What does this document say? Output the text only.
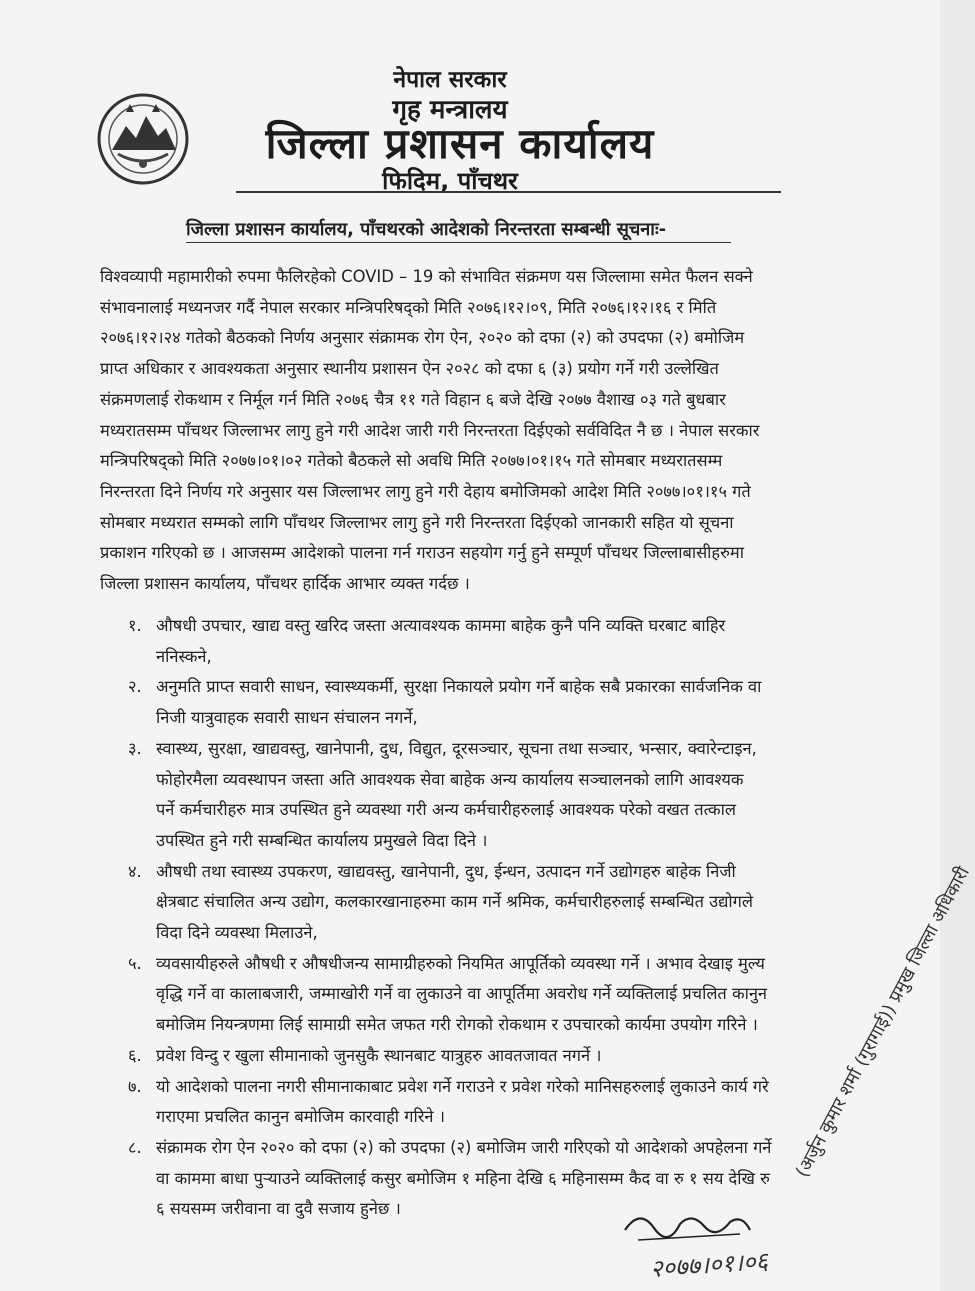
नेपाल सरकार
गृह मन्त्रालय
जिल्ला प्रशासन कार्यालय
फिदिम, पाँचथर
जिल्ला प्रशासन कार्यालय, पाँचथरको आदेशको निरन्तरता सम्बन्धी सूचनाः-
विश्वव्यापी महामारीको रुपमा फैलिरहेको COVID – 19 को संभावित संक्रमण यस जिल्लामा समेत फैलन सक्ने
संभावनालाई मध्यनजर गर्दै नेपाल सरकार मन्त्रिपरिषद्को मिति २०७६।१२।०९, मिति २०७६।१२।१६ र मिति
२०७६।१२।२४ गतेको बैठकको निर्णय अनुसार संक्रामक रोग ऐन, २०२० को दफा (२) को उपदफा (२) बमोजिम
प्राप्त अधिकार र आवश्यकता अनुसार स्थानीय प्रशासन ऐन २०२८ को दफा ६ (३) प्रयोग गर्ने गरी उल्लेखित
संक्रमणलाई रोकथाम र निर्मूल गर्न मिति २०७६ चैत्र ११ गते विहान ६ बजे देखि २०७७ वैशाख ०३ गते बुधबार
मध्यरातसम्म पाँचथर जिल्लाभर लागु हुने गरी आदेश जारी गरी निरन्तरता दिईएको सर्वविदित नै छ । नेपाल सरकार
मन्त्रिपरिषद्को मिति २०७७।०१।०२ गतेको बैठकले सो अवधि मिति २०७७।०१।१५ गते सोमबार मध्यरातसम्म
निरन्तरता दिने निर्णय गरे अनुसार यस जिल्लाभर लागु हुने गरी देहाय बमोजिमको आदेश मिति २०७७।०१।१५ गते
सोमबार मध्यरात सम्मको लागि पाँचथर जिल्लाभर लागु हुने गरी निरन्तरता दिईएको जानकारी सहित यो सूचना
प्रकाशन गरिएको छ । आजसम्म आदेशको पालना गर्न गराउन सहयोग गर्नु हुने सम्पूर्ण पाँचथर जिल्लाबासीहरुमा
जिल्ला प्रशासन कार्यालय, पाँचथर हार्दिक आभार व्यक्त गर्दछ ।
१. औषधी उपचार, खाद्य वस्तु खरिद जस्ता अत्यावश्यक काममा बाहेक कुनै पनि व्यक्ति घरबाट बाहिर
ननिस्कने,
२. अनुमति प्राप्त सवारी साधन, स्वास्थ्यकर्मी, सुरक्षा निकायले प्रयोग गर्ने बाहेक सबै प्रकारका सार्वजनिक वा
निजी यात्रुवाहक सवारी साधन संचालन नगर्ने,
३. स्वास्थ्य, सुरक्षा, खाद्यवस्तु, खानेपानी, दुध, विद्युत, दूरसञ्चार, सूचना तथा सञ्चार, भन्सार, क्वारेन्टाइन,
फोहोरमैला व्यवस्थापन जस्ता अति आवश्यक सेवा बाहेक अन्य कार्यालय सञ्चालनको लागि आवश्यक
पर्ने कर्मचारीहरु मात्र उपस्थित हुने व्यवस्था गरी अन्य कर्मचारीहरुलाई आवश्यक परेको वखत तत्काल
उपस्थित हुने गरी सम्बन्धित कार्यालय प्रमुखले विदा दिने ।
४. औषधी तथा स्वास्थ्य उपकरण, खाद्यवस्तु, खानेपानी, दुध, ईन्धन, उत्पादन गर्ने उद्योगहरु बाहेक निजी
क्षेत्रबाट संचालित अन्य उद्योग, कलकारखानाहरुमा काम गर्ने श्रमिक, कर्मचारीहरुलाई सम्बन्धित उद्योगले
विदा दिने व्यवस्था मिलाउने,
५. व्यवसायीहरुले औषधी र औषधीजन्य सामाग्रीहरुको नियमित आपूर्तिको व्यवस्था गर्ने । अभाव देखाइ मुल्य
वृद्धि गर्ने वा कालाबजारी, जम्माखोरी गर्ने वा लुकाउने वा आपूर्तिमा अवरोध गर्ने व्यक्तिलाई प्रचलित कानुन
बमोजिम नियन्त्रणमा लिई सामाग्री समेत जफत गरी रोगको रोकथाम र उपचारको कार्यमा उपयोग गरिने ।
६. प्रवेश विन्दु र खुला सीमानाको जुनसुकै स्थानबाट यात्रुहरु आवतजावत नगर्ने ।
७. यो आदेशको पालना नगरी सीमानाकाबाट प्रवेश गर्ने गराउने र प्रवेश गरेको मानिसहरुलाई लुकाउने कार्य गरे
गराएमा प्रचलित कानुन बमोजिम कारवाही गरिने ।
८. संक्रामक रोग ऐन २०२० को दफा (२) को उपदफा (२) बमोजिम जारी गरिएको यो आदेशको अपहेलना गर्ने
वा काममा बाधा पुर्‍याउने व्यक्तिलाई कसुर बमोजिम १ महिना देखि ६ महिनासम्म कैद वा रु १ सय देखि रु
६ सयसम्म जरीवाना वा दुवै सजाय हुनेछ ।
२०७७।०१।०६
(अर्जुन कुमार शर्मा (गुरागाई)) प्रमुख जिल्ला अधिकारी
